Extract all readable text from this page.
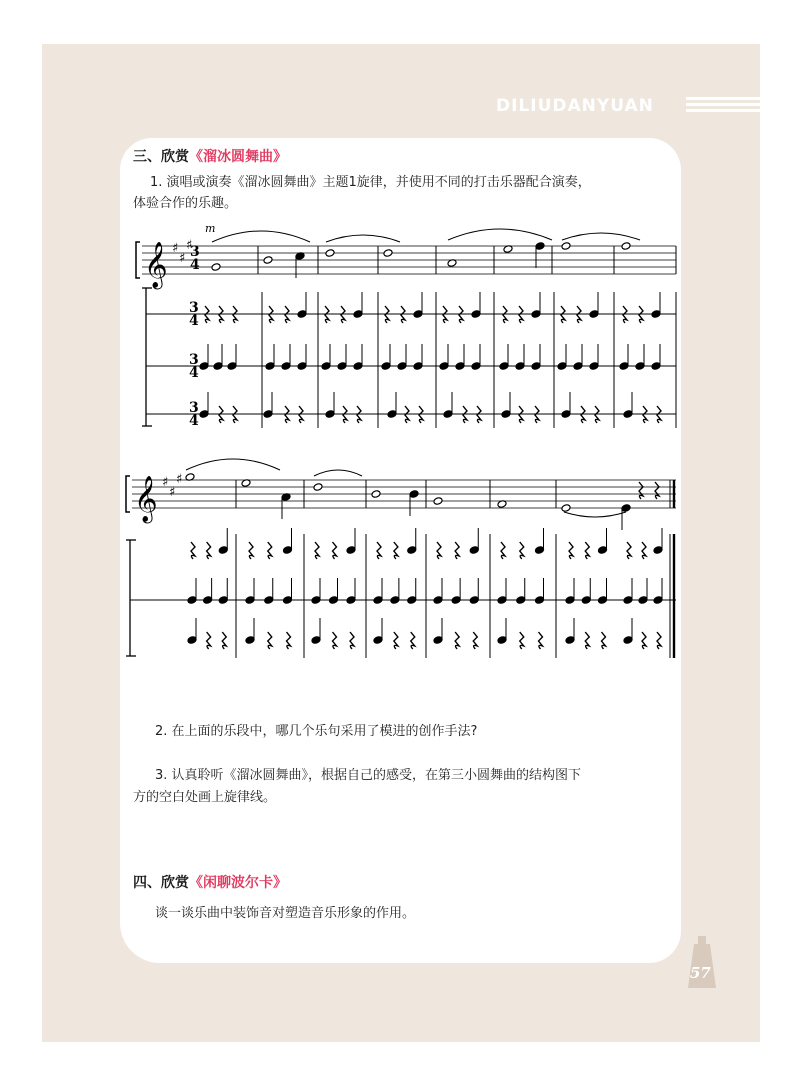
DILIUDANYUAN
三、欣赏《溜冰圆舞曲》
1. 演唱或演奏《溜冰圆舞曲》主题1旋律，并使用不同的打击乐器配合演奏，
体验合作的乐趣。
𝄞 ♯
♯
♯
3
4
m
3
4
3
4
3
4
𝄞 ♯
♯
♯
2. 在上面的乐段中，哪几个乐句采用了模进的创作手法?
3. 认真聆听《溜冰圆舞曲》，根据自己的感受，在第三小圆舞曲的结构图下
方的空白处画上旋律线。
四、欣赏《闲聊波尔卡》
谈一谈乐曲中装饰音对塑造音乐形象的作用。
57
